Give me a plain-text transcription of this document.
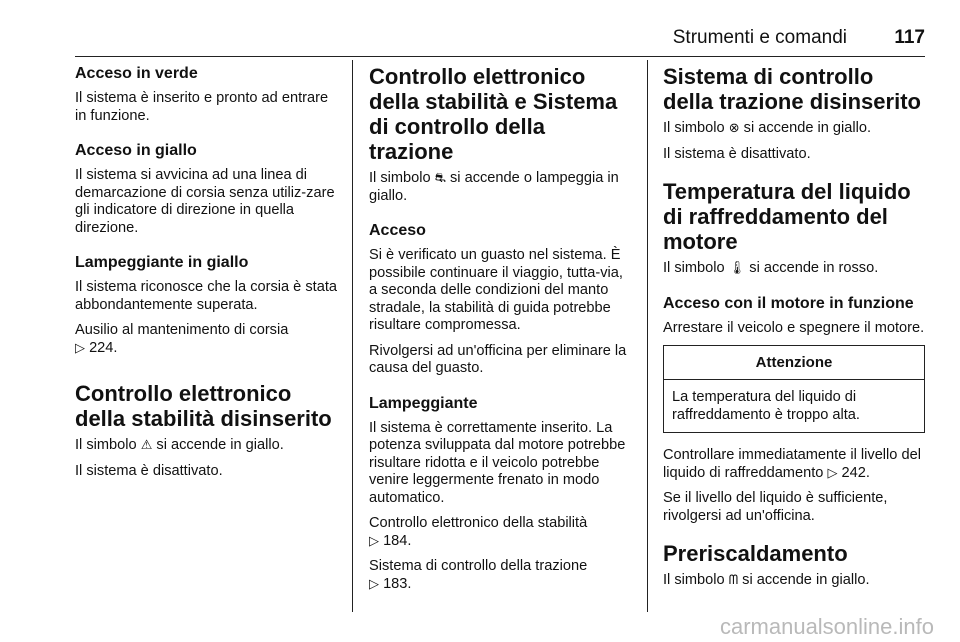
Strumenti e comandi 117
Acceso in verde

Il sistema è inserito e pronto ad entrare in funzione.

Acceso in giallo

Il sistema si avvicina ad una linea di demarcazione di corsia senza utiliz-zare gli indicatore di direzione in quella direzione.

Lampeggiante in giallo

Il sistema riconosce che la corsia è stata abbondantemente superata.

Ausilio al mantenimento di corsia
▷ 224.

Controllo elettronico della stabilità disinserito

Il simbolo ⚠ si accende in giallo.

Il sistema è disattivato.

Controllo elettronico della stabilità e Sistema di controllo della trazione

Il simbolo ⛐ si accende o lampeggia in giallo.

Acceso

Si è verificato un guasto nel sistema. È possibile continuare il viaggio, tutta-via, a seconda delle condizioni del manto stradale, la stabilità di guida potrebbe risultare compromessa.

Rivolgersi ad un'officina per eliminare la causa del guasto.

Lampeggiante

Il sistema è correttamente inserito. La potenza sviluppata dal motore potrebbe risultare ridotta e il veicolo potrebbe venire leggermente frenato in modo automatico.

Controllo elettronico della stabilità
▷ 184.

Sistema di controllo della trazione
▷ 183.

Sistema di controllo della trazione disinserito

Il simbolo ⊗ si accende in giallo.

Il sistema è disattivato.

Temperatura del liquido di raffreddamento del motore

Il simbolo 🌡 si accende in rosso.

Acceso con il motore in funzione

Arrestare il veicolo e spegnere il motore.

Attenzione
La temperatura del liquido di raffreddamento è troppo alta.

Controllare immediatamente il livello del liquido di raffreddamento ▷ 242.

Se il livello del liquido è sufficiente, rivolgersi ad un'officina.

Preriscaldamento

Il simbolo ᗰ si accende in giallo.

carmanualsonline.info
